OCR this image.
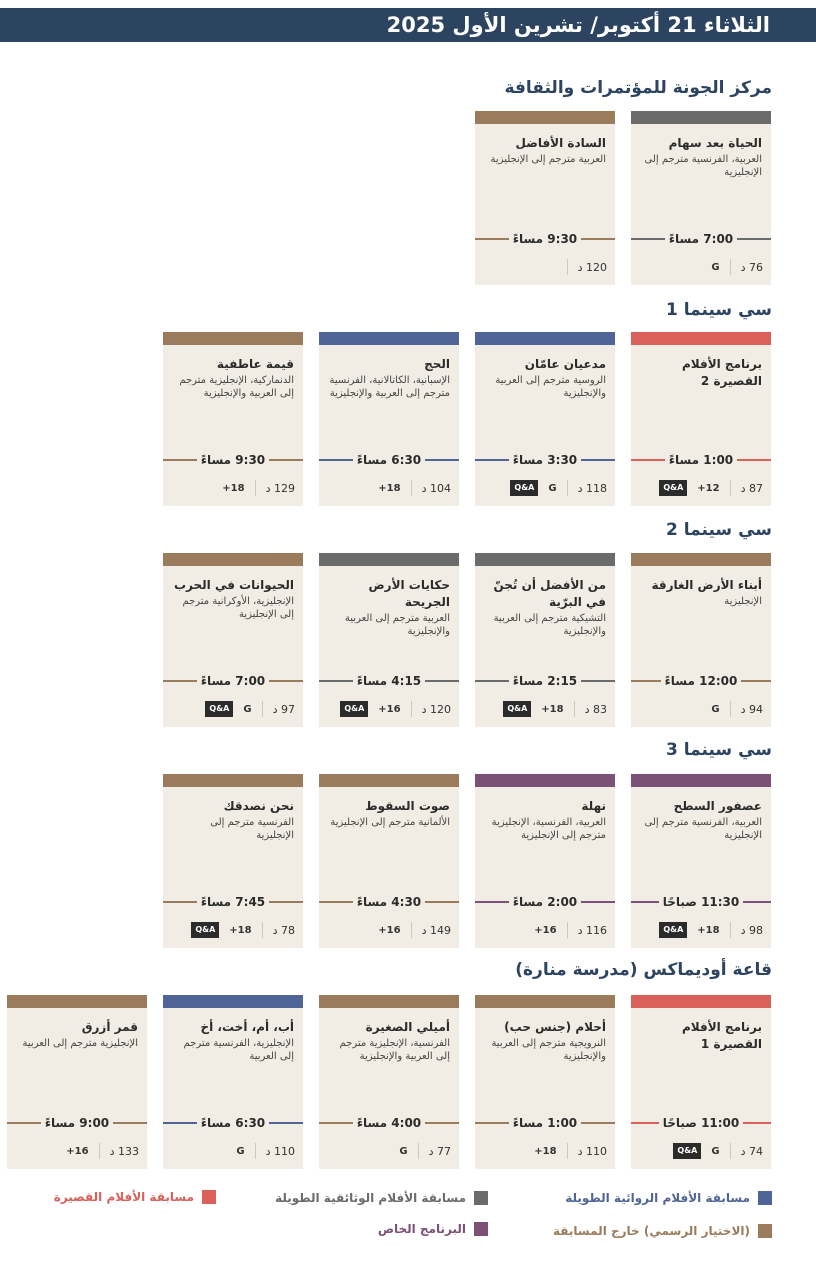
الثلاثاء 21 أكتوبر/ تشرين الأول 2025
مركز الجونة للمؤتمرات والثقافة
الحياة بعد سهام
العربية، الفرنسية مترجم إلى الإنجليزية
7:00 مساءً
76 د
G
السادة الأفاضل
العربية مترجم إلى الإنجليزية
9:30 مساءً
120 د
سي سينما 1
برنامج الأفلام القصيرة 2
1:00 مساءً
87 د
+12
Q&A
مدعيان عامّان
الروسية مترجم إلى العربية والإنجليزية
3:30 مساءً
118 د
G
Q&A
الحج
الإسبانية، الكاتالانية، الفرنسية مترجم إلى العربية والإنجليزية
6:30 مساءً
104 د
+18
قيمة عاطفية
الدنماركية، الإنجليزية مترجم إلى العربية والإنجليزية
9:30 مساءً
129 د
+18
سي سينما 2
أبناء الأرض الغارقة
الإنجليزية
12:00 مساءً
94 د
G
من الأفضل أن تُجنّ في البرّية
التشيكية مترجم إلى العربية والإنجليزية
2:15 مساءً
83 د
+18
Q&A
حكايات الأرض الجريحة
العربية مترجم إلى العربية والإنجليزية
4:15 مساءً
120 د
+16
Q&A
الحيوانات في الحرب
الإنجليزية، الأوكرانية مترجم إلى الإنجليزية
7:00 مساءً
97 د
G
Q&A
سي سينما 3
عصفور السطح
العربية، الفرنسية مترجم إلى الإنجليزية
11:30 صباحًا
98 د
+18
Q&A
نهلة
العربية، الفرنسية، الإنجليزية مترجم إلى الإنجليزية
2:00 مساءً
116 د
+16
صوت السقوط
الألمانية مترجم إلى الإنجليزية
4:30 مساءً
149 د
+16
نحن نصدقك
الفرنسية مترجم إلى الإنجليزية
7:45 مساءً
78 د
+18
Q&A
قاعة أوديماكس (مدرسة منارة)
برنامج الأفلام القصيرة 1
11:00 صباحًا
74 د
G
Q&A
أحلام (جنس حب)
النرويجية مترجم إلى العربية والإنجليزية
1:00 مساءً
110 د
+18
أميلي الصغيرة
الفرنسية، الإنجليزية مترجم إلى العربية والإنجليزية
4:00 مساءً
77 د
G
أب، أم، أخت، أخ
الإنجليزية، الفرنسية مترجم إلى العربية
6:30 مساءً
110 د
G
قمر أزرق
الإنجليزية مترجم إلى العربية
9:00 مساءً
133 د
+16
مسابقة الأفلام الروائية الطويلة
مسابقة الأفلام الوثائقية الطويلة
مسابقة الأفلام القصيرة
(الاختيار الرسمي) خارج المسابقة
البرنامج الخاص
